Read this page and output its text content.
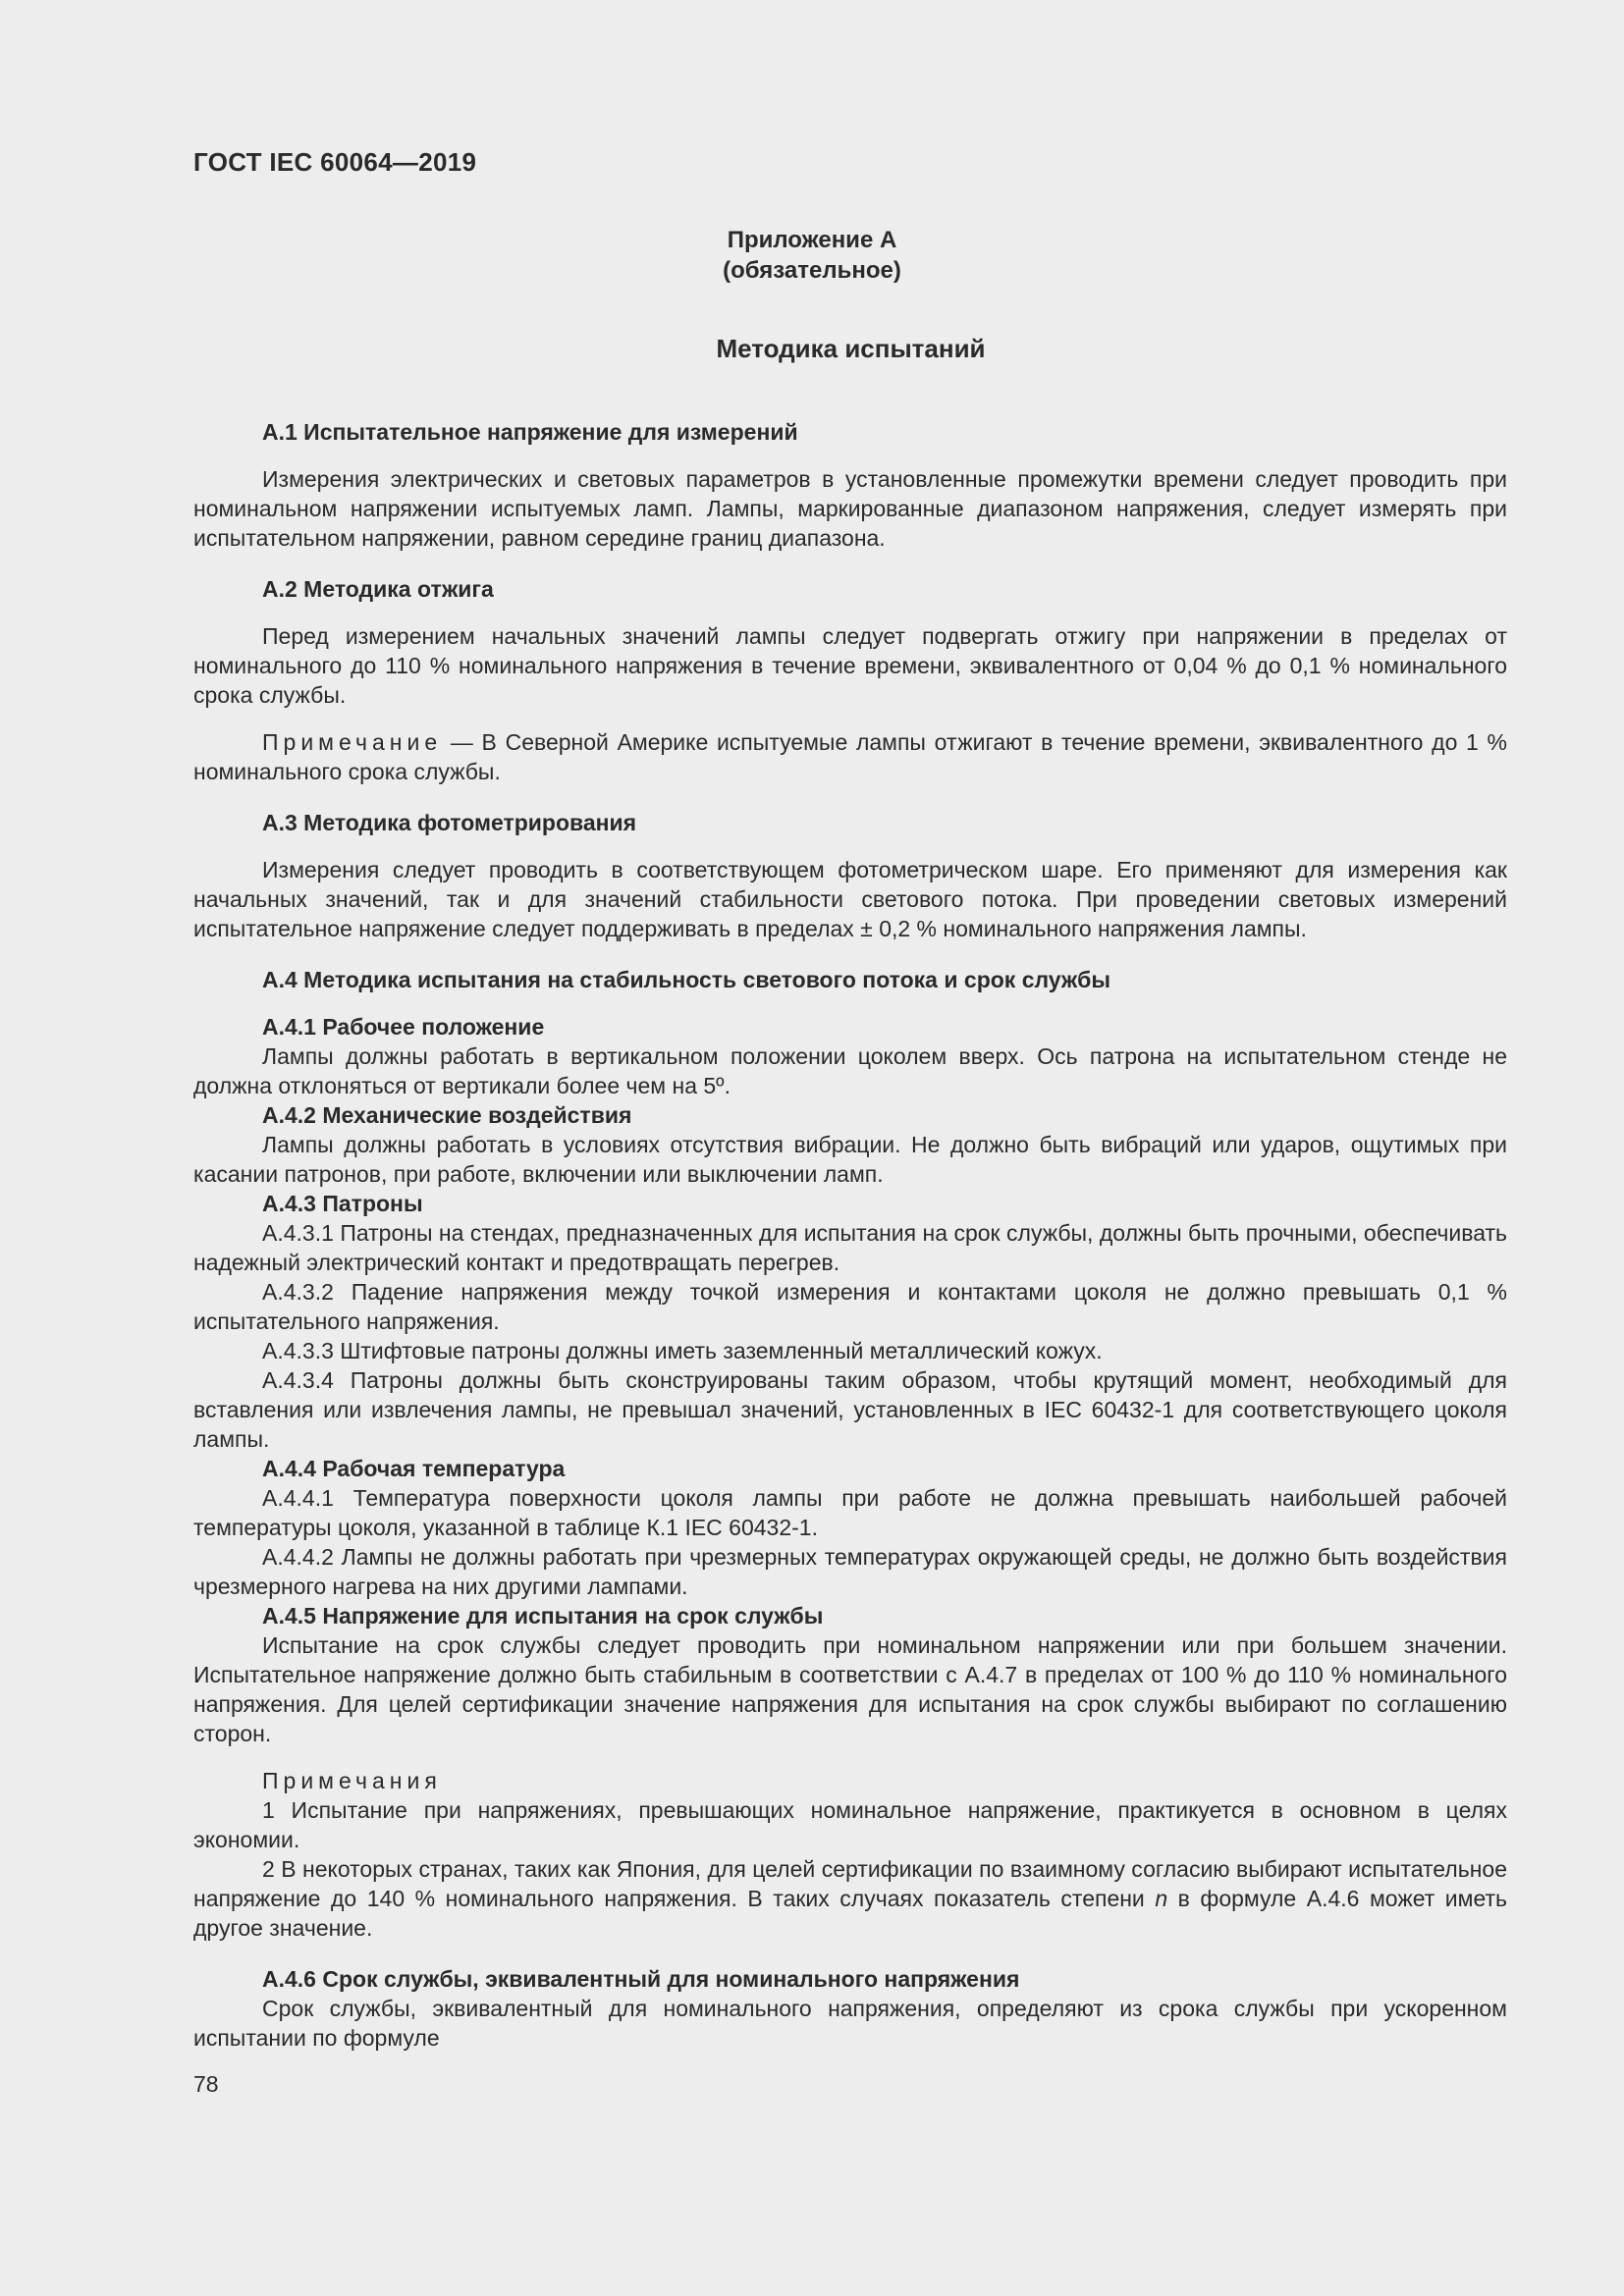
ГОСТ IEC 60064—2019
Приложение А
(обязательное)
Методика испытаний

А.1 Испытательное напряжение для измерений

Измерения электрических и световых параметров в установленные промежутки времени следует проводить при номинальном напряжении испытуемых ламп. Лампы, маркированные диапазоном напряжения, следует измерять при испытательном напряжении, равном середине границ диапазона.

А.2 Методика отжига

Перед измерением начальных значений лампы следует подвергать отжигу при напряжении в пределах от номинального до 110 % номинального напряжения в течение времени, эквивалентного от 0,04 % до 0,1 % номинального срока службы.

Примечание — В Северной Америке испытуемые лампы отжигают в течение времени, эквивалентного до 1 % номинального срока службы.

А.3 Методика фотометрирования

Измерения следует проводить в соответствующем фотометрическом шаре. Его применяют для измерения как начальных значений, так и для значений стабильности светового потока. При проведении световых измерений испытательное напряжение следует поддерживать в пределах ± 0,2 % номинального напряжения лампы.

А.4 Методика испытания на стабильность светового потока и срок службы

А.4.1 Рабочее положение

Лампы должны работать в вертикальном положении цоколем вверх. Ось патрона на испытательном стенде не должна отклоняться от вертикали более чем на 5º.

А.4.2 Механические воздействия

Лампы должны работать в условиях отсутствия вибрации. Не должно быть вибраций или ударов, ощутимых при касании патронов, при работе, включении или выключении ламп.

А.4.3 Патроны

А.4.3.1 Патроны на стендах, предназначенных для испытания на срок службы, должны быть прочными, обеспечивать надежный электрический контакт и предотвращать перегрев.

А.4.3.2 Падение напряжения между точкой измерения и контактами цоколя не должно превышать 0,1 % испытательного напряжения.

А.4.3.3 Штифтовые патроны должны иметь заземленный металлический кожух.

А.4.3.4 Патроны должны быть сконструированы таким образом, чтобы крутящий момент, необходимый для вставления или извлечения лампы, не превышал значений, установленных в IEC 60432-1 для соответствующего цоколя лампы.

А.4.4 Рабочая температура

А.4.4.1 Температура поверхности цоколя лампы при работе не должна превышать наибольшей рабочей температуры цоколя, указанной в таблице К.1 IEC 60432-1.

А.4.4.2 Лампы не должны работать при чрезмерных температурах окружающей среды, не должно быть воздействия чрезмерного нагрева на них другими лампами.

А.4.5 Напряжение для испытания на срок службы

Испытание на срок службы следует проводить при номинальном напряжении или при большем значении. Испытательное напряжение должно быть стабильным в соответствии с А.4.7 в пределах от 100 % до 110 % номинального напряжения. Для целей сертификации значение напряжения для испытания на срок службы выбирают по соглашению сторон.

Примечания

1 Испытание при напряжениях, превышающих номинальное напряжение, практикуется в основном в целях экономии.

2 В некоторых странах, таких как Япония, для целей сертификации по взаимному согласию выбирают испытательное напряжение до 140 % номинального напряжения. В таких случаях показатель степени n в формуле А.4.6 может иметь другое значение.

А.4.6 Срок службы, эквивалентный для номинального напряжения

Срок службы, эквивалентный для номинального напряжения, определяют из срока службы при ускоренном испытании по формуле

78
